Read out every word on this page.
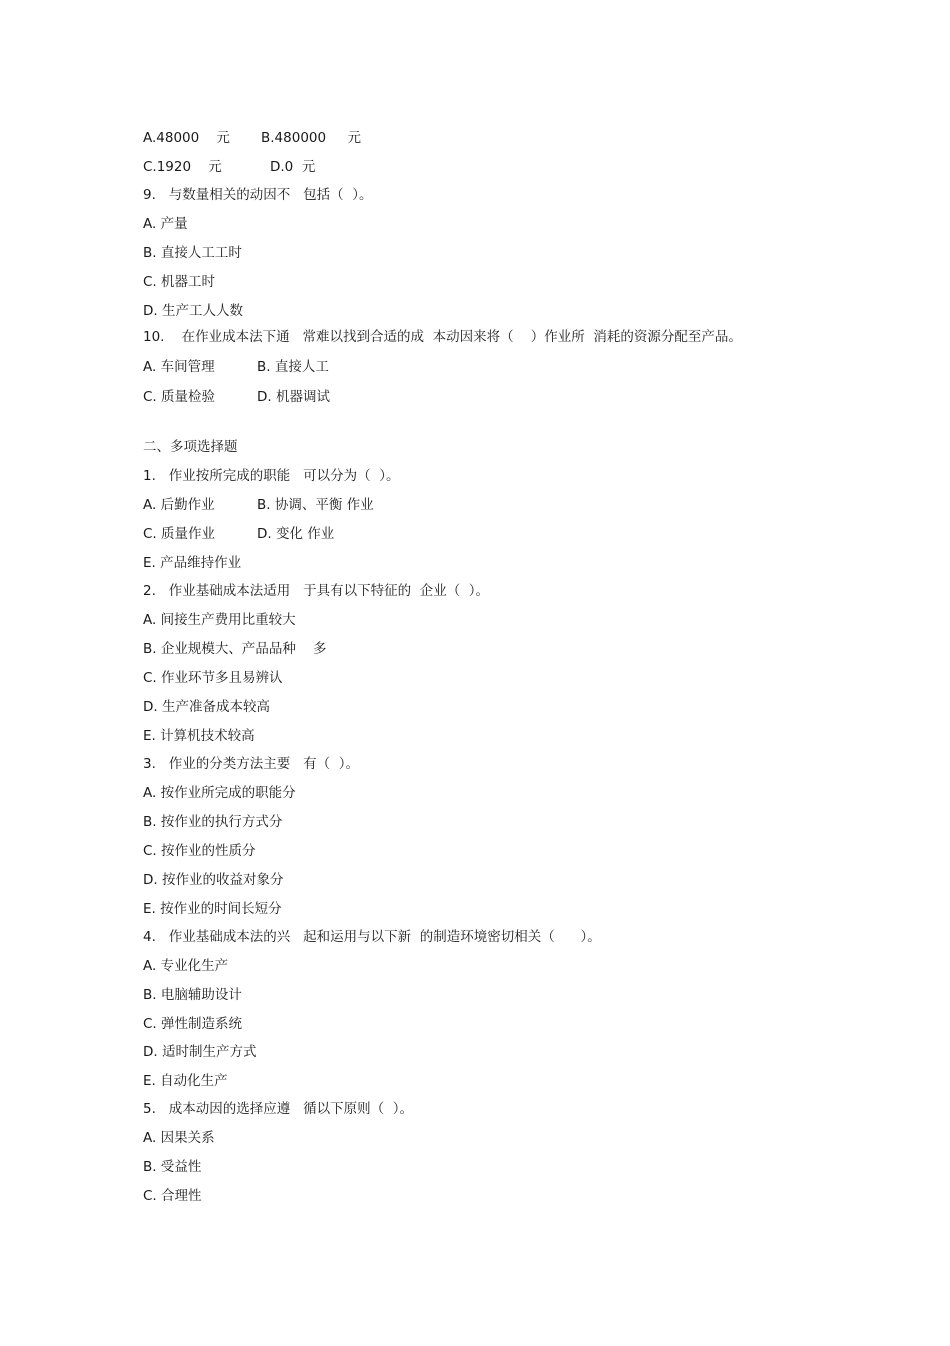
A.48000    元

B.480000     元

C.1920    元

	D.0  元

9.   与数量相关的动因不   包括（  ）。
A. 产量
B. 直接人工工时
C. 机器工时
D. 生产工人人数
10.    在作业成本法下通   常难以找到合适的成  本动因来将（    ）作业所  消耗的资源分配至产品。

A. 车间管理

	B. 直接人工

C. 质量检验

	D. 机器调试

二、多项选择题
1.   作业按所完成的职能   可以分为（  ）。

A. 后勤作业

	B. 协调、平衡 作业

C. 质量作业

	D. 变化 作业

E. 产品维持作业
2.   作业基础成本法适用   于具有以下特征的  企业（  ）。
A. 间接生产费用比重较大
B. 企业规模大、产品品种    多
C. 作业环节多且易辨认
D. 生产准备成本较高
E. 计算机技术较高
3.   作业的分类方法主要   有（  ）。
A. 按作业所完成的职能分
B. 按作业的执行方式分
C. 按作业的性质分
D. 按作业的收益对象分
E. 按作业的时间长短分
4.   作业基础成本法的兴   起和运用与以下新  的制造环境密切相关（      ）。
A. 专业化生产
B. 电脑辅助设计
C. 弹性制造系统
D. 适时制生产方式
E. 自动化生产
5.   成本动因的选择应遵   循以下原则（  ）。
A. 因果关系
B. 受益性
C. 合理性
